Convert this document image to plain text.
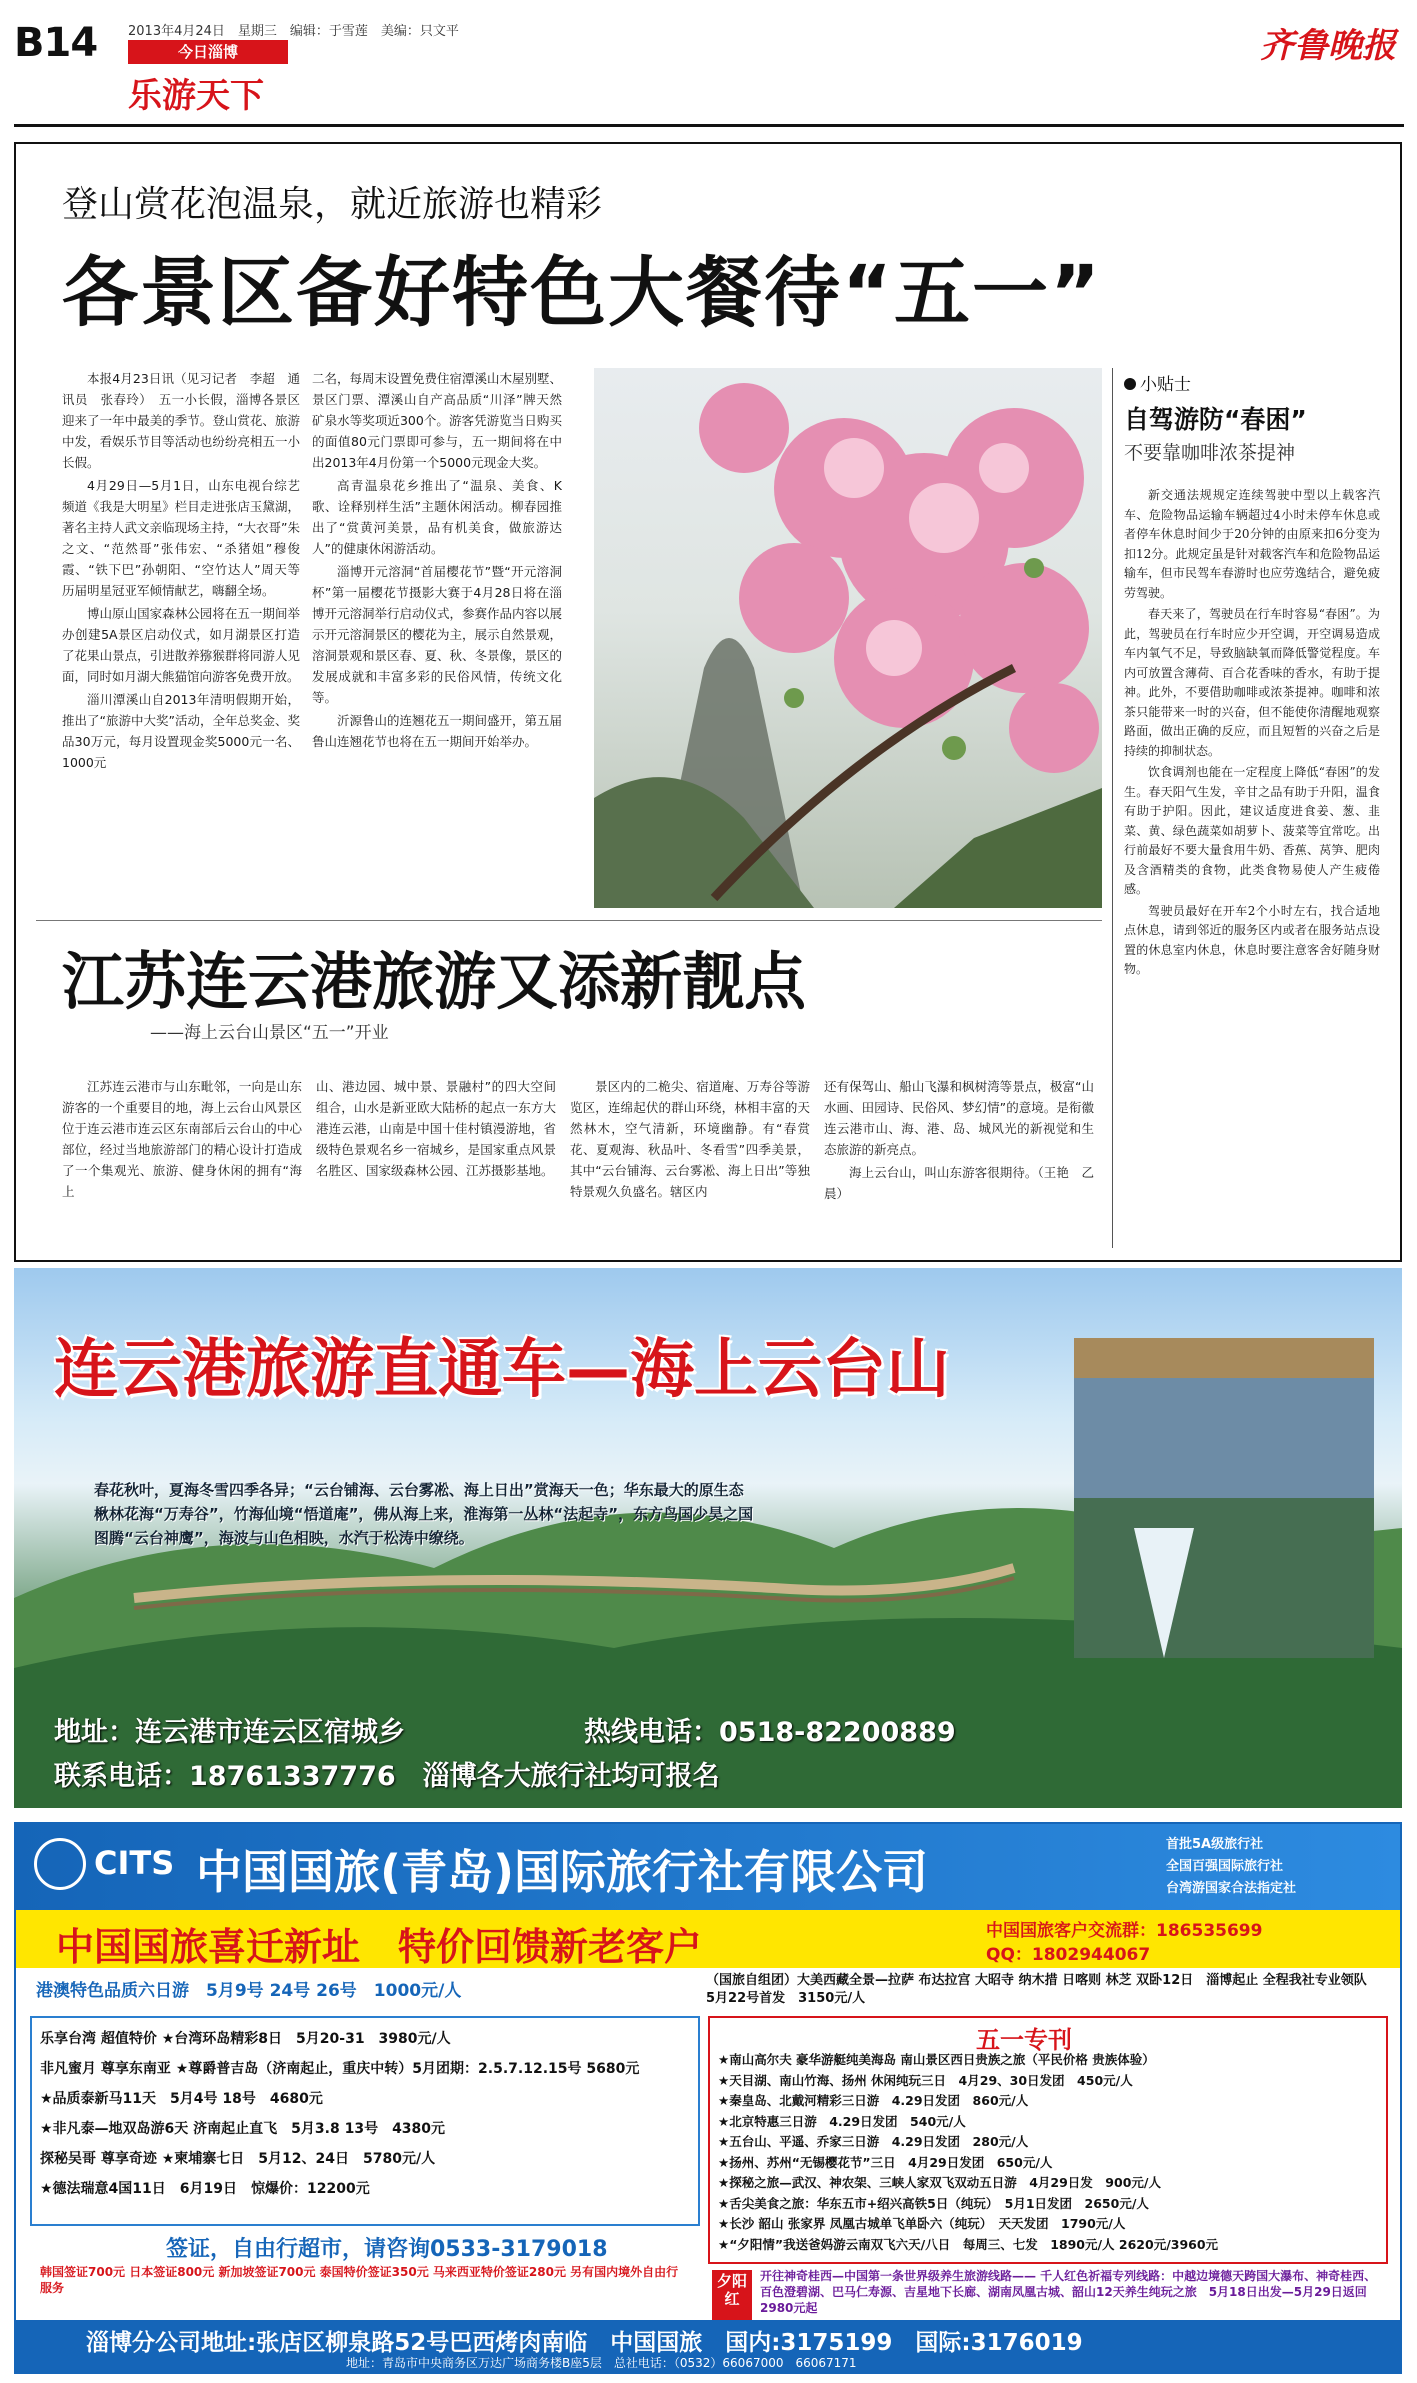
B14 2013年4月24日　星期三　编辑：于雪莲　美编：只文平
今日淄博
乐游天下
齐鲁晚报
登山赏花泡温泉，就近旅游也精彩
各景区备好特色大餐待“五一”

本报4月23日讯（见习记者　李超　通讯员　张春玲）　五一小长假，淄博各景区迎来了一年中最美的季节。登山赏花、旅游中发，看娱乐节目等活动也纷纷亮相五一小长假。

4月29日—5月1日，山东电视台综艺频道《我是大明星》栏目走进张店玉黛湖，著名主持人武文亲临现场主持，“大衣哥”朱之文、“范然哥”张伟宏、“杀猪姐”穆俊霞、“铁下巴”孙朝阳、“空竹达人”周天等历届明星冠亚军倾情献艺，嗨翻全场。

博山原山国家森林公园将在五一期间举办创建5A景区启动仪式，如月湖景区打造了花果山景点，引进散养猕猴群将同游人见面，同时如月湖大熊猫馆向游客免费开放。

淄川潭溪山自2013年清明假期开始，推出了“旅游中大奖”活动，全年总奖金、奖品30万元，每月设置现金奖5000元一名、1000元

二名，每周末设置免费住宿潭溪山木屋别墅、景区门票、潭溪山自产高品质“川泽”牌天然矿泉水等奖项近300个。游客凭游览当日购买的面值80元门票即可参与，五一期间将在中出2013年4月份第一个5000元现金大奖。

高青温泉花乡推出了“温泉、美食、K歌、诠释别样生活”主题休闲活动。柳春园推出了“赏黄河美景，品有机美食，做旅游达人”的健康休闲游活动。

淄博开元溶洞“首届樱花节”暨“开元溶洞杯”第一届樱花节摄影大赛于4月28日将在淄博开元溶洞举行启动仪式，参赛作品内容以展示开元溶洞景区的樱花为主，展示自然景观，溶洞景观和景区春、夏、秋、冬景像，景区的发展成就和丰富多彩的民俗风情，传统文化等。

沂源鲁山的连翘花五一期间盛开，第五届鲁山连翘花节也将在五一期间开始举办。

小贴士
自驾游防“春困”
不要靠咖啡浓茶提神

新交通法规规定连续驾驶中型以上载客汽车、危险物品运输车辆超过4小时未停车休息或者停车休息时间少于20分钟的由原来扣6分变为扣12分。此规定虽是针对载客汽车和危险物品运输车，但市民驾车春游时也应劳逸结合，避免疲劳驾驶。

春天来了，驾驶员在行车时容易“春困”。为此，驾驶员在行车时应少开空调，开空调易造成车内氧气不足，导致脑缺氧而降低警觉程度。车内可放置含薄荷、百合花香味的香水，有助于提神。此外，不要借助咖啡或浓茶提神。咖啡和浓茶只能带来一时的兴奋，但不能使你清醒地观察路面，做出正确的反应，而且短暂的兴奋之后是持续的抑制状态。

饮食调剂也能在一定程度上降低“春困”的发生。春天阳气生发，辛甘之品有助于升阳，温食有助于护阳。因此，建议适度进食姜、葱、韭菜、黄、绿色蔬菜如胡萝卜、菠菜等宜常吃。出行前最好不要大量食用牛奶、香蕉、莴笋、肥肉及含酒精类的食物，此类食物易使人产生疲倦感。

驾驶员最好在开车2个小时左右，找合适地点休息，请到邻近的服务区内或者在服务站点设置的休息室内休息，休息时要注意客舍好随身财物。

江苏连云港旅游又添新靓点
——海上云台山景区“五一”开业

江苏连云港市与山东毗邻，一向是山东游客的一个重要目的地，海上云台山风景区位于连云港市连云区东南部后云台山的中心部位，经过当地旅游部门的精心设计打造成了一个集观光、旅游、健身休闲的拥有“海上

山、港边园、城中景、景融村”的四大空间组合，山水是新亚欧大陆桥的起点一东方大港连云港，山南是中国十佳村镇漫游地，省级特色景观名乡一宿城乡，是国家重点风景名胜区、国家级森林公园、江苏摄影基地。

景区内的二桅尖、宿道庵、万寿谷等游览区，连绵起伏的群山环绕，林相丰富的天然林木，空气清新，环境幽静。有“春赏花、夏观海、秋品叶、冬看雪”四季美景，其中“云台铺海、云台雾凇、海上日出”等独特景观久负盛名。辖区内

还有保驾山、船山飞瀑和枫树湾等景点，极富“山水画、田园诗、民俗风、梦幻情”的意境。是衔徽连云港市山、海、港、岛、城风光的新视觉和生态旅游的新亮点。

海上云台山，叫山东游客很期待。（王艳　乙晨）

连云港旅游直通车—海上云台山
春花秋叶，夏海冬雪四季各异；“云台铺海、云台雾凇、海上日出”赏海天一色；华东最大的原生态楸林花海“万寿谷”，竹海仙境“悟道庵”，佛从海上来，淮海第一丛林“法起寺”，东方鸟国少昊之国图腾“云台神鹰”，海波与山色相映，水汽于松涛中缭绕。
地址：连云港市连云区宿城乡	热线电话：0518-82200889
联系电话：18761337776　淄博各大旅行社均可报名
CITS 中国国旅(青岛)国际旅行社有限公司
首批5A级旅行社
全国百强国际旅行社
台湾游国家合法指定社
中国国旅喜迁新址　特价回馈新老客户	中国国旅客户交流群：186535699
QQ：1802944067
港澳特色品质六日游　5月9号 24号 26号　1000元/人
（国旅自组团）大美西藏全景—拉萨 布达拉宫 大昭寺 纳木措 日喀则 林芝 双卧12日　淄博起止 全程我社专业领队　5月22号首发　3150元/人
乐享台湾 超值特价 ★台湾环岛精彩8日　5月20-31　3980元/人
非凡蜜月 尊享东南亚 ★尊爵普吉岛（济南起止，重庆中转）5月团期：2.5.7.12.15号 5680元
★品质泰新马11天　5月4号 18号　4680元
★非凡泰—地双岛游6天 济南起止直飞　5月3.8 13号　4380元
探秘吴哥 尊享奇迹 ★柬埔寨七日　5月12、24日　5780元/人
★德法瑞意4国11日　6月19日　惊爆价：12200元
签证，自由行超市，请咨询0533-3179018
韩国签证700元 日本签证800元 新加坡签证700元 泰国特价签证350元 马来西亚特价签证280元 另有国内境外自由行服务
五一专刊
★南山高尔夫 豪华游艇纯美海岛 南山景区西日贵族之旅（平民价格 贵族体验）
★天目湖、南山竹海、扬州 休闲纯玩三日　4月29、30日发团　450元/人
★秦皇岛、北戴河精彩三日游　4.29日发团　860元/人
★北京特惠三日游　4.29日发团　540元/人
★五台山、平遥、乔家三日游　4.29日发团　280元/人
★扬州、苏州“无锡樱花节”三日　4月29日发团　650元/人
★探秘之旅—武汉、神农架、三峡人家双飞双动五日游　4月29日发　900元/人
★舌尖美食之旅：华东五市+绍兴高铁5日（纯玩）　5月1日发团　2650元/人
★长沙 韶山 张家界 凤凰古城单飞单卧六（纯玩）　天天发团　1790元/人
★“夕阳情”我送爸妈游云南双飞六天/八日　每周三、七发　1890元/人 2620元/3960元
夕阳红
开往神奇桂西—中国第一条世界级养生旅游线路—— 千人红色祈福专列线路：中越边境德天跨国大瀑布、神奇桂西、百色澄碧湖、巴马仁寿源、吉星地下长廊、湖南凤凰古城、韶山12天养生纯玩之旅　5月18日出发—5月29日返回　2980元起
淄博分公司地址:张店区柳泉路52号巴西烤肉南临　中国国旅　国内:3175199　国际:3176019
地址：青岛市中央商务区万达广场商务楼B座5层　总社电话：（0532）66067000　66067171
